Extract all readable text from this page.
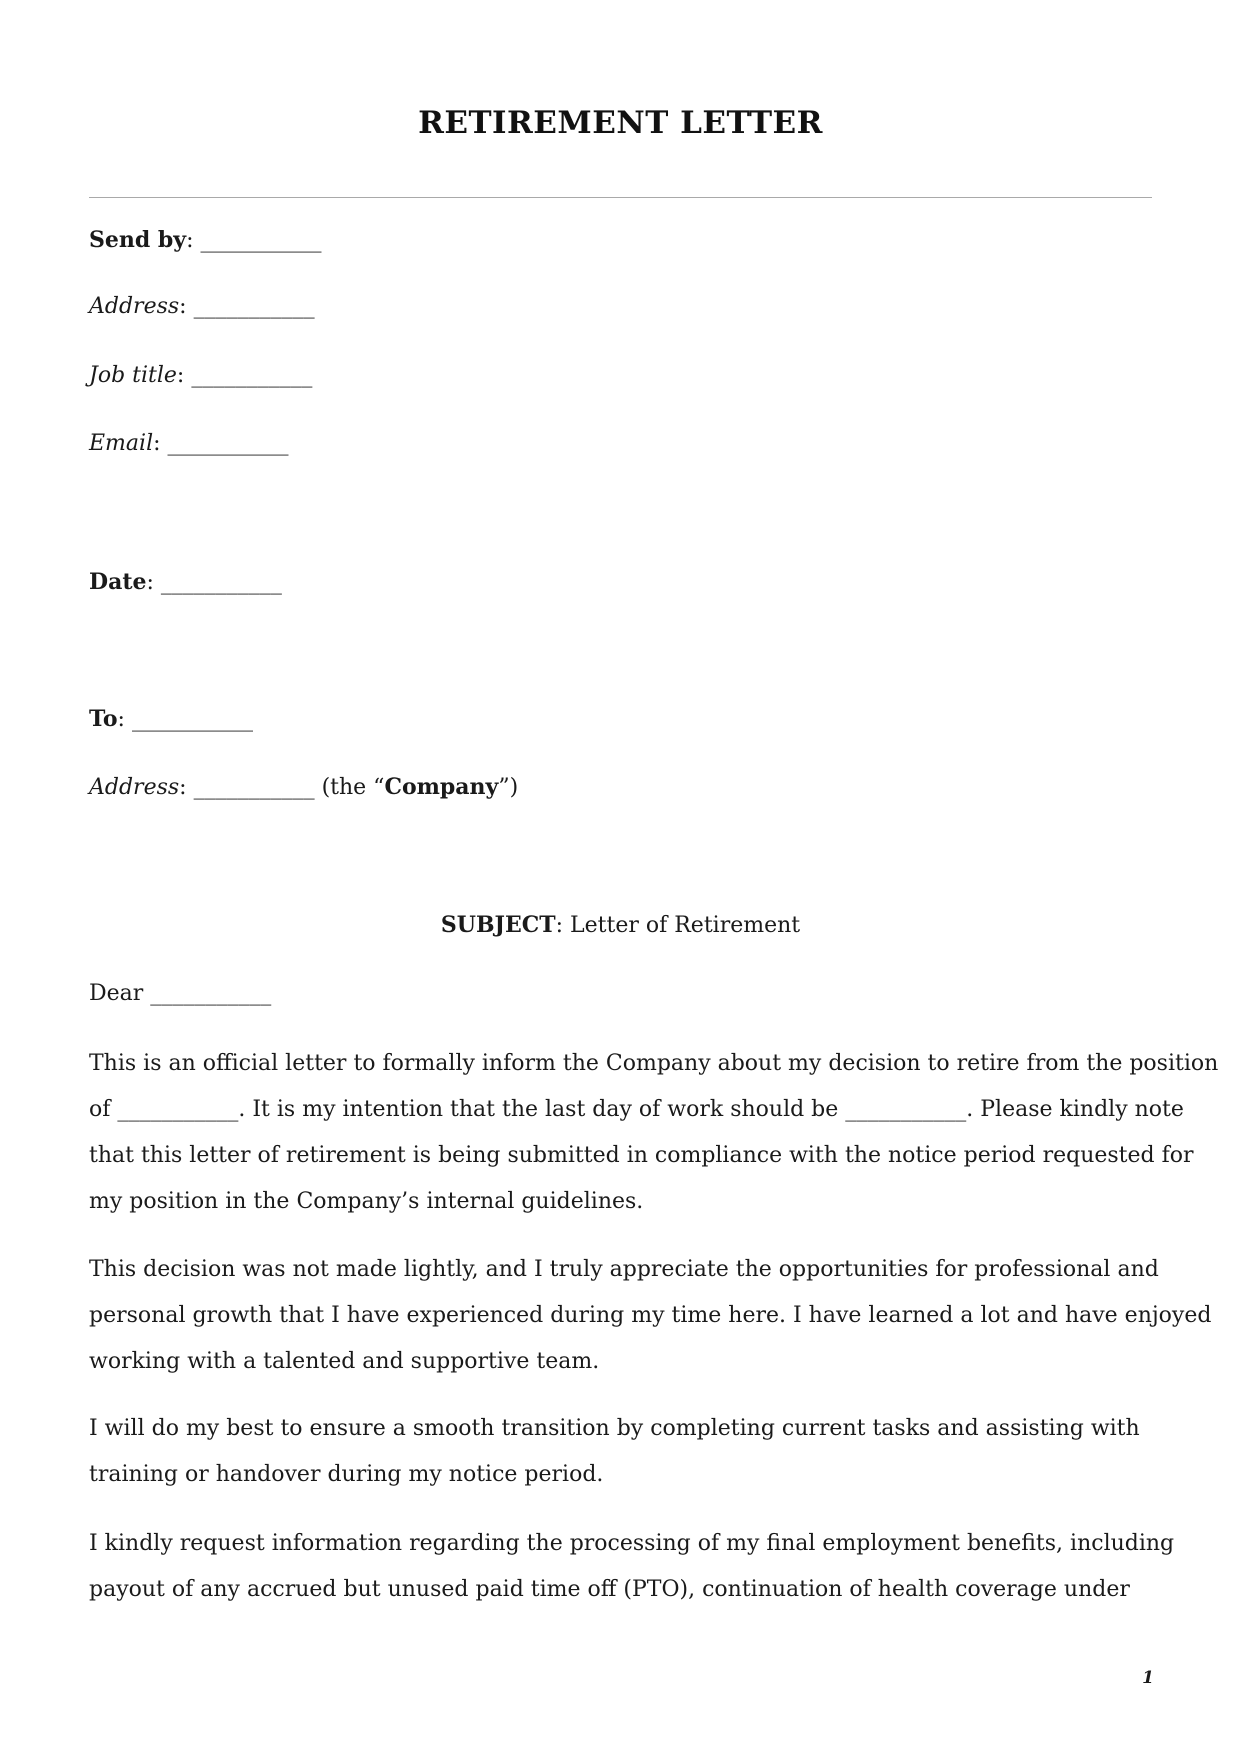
RETIREMENT LETTER
Send by: ___________
Address: ___________
Job title: ___________
Email: ___________
Date: ___________
To: ___________
Address: ___________ (the “Company”)
SUBJECT: Letter of Retirement
Dear ___________
This is an official letter to formally inform the Company about my decision to retire from the position
of ___________. It is my intention that the last day of work should be ___________. Please kindly note
that this letter of retirement is being submitted in compliance with the notice period requested for
my position in the Company’s internal guidelines.
This decision was not made lightly, and I truly appreciate the opportunities for professional and
personal growth that I have experienced during my time here. I have learned a lot and have enjoyed
working with a talented and supportive team.
I will do my best to ensure a smooth transition by completing current tasks and assisting with
training or handover during my notice period.
I kindly request information regarding the processing of my final employment benefits, including
payout of any accrued but unused paid time off (PTO), continuation of health coverage under
1
